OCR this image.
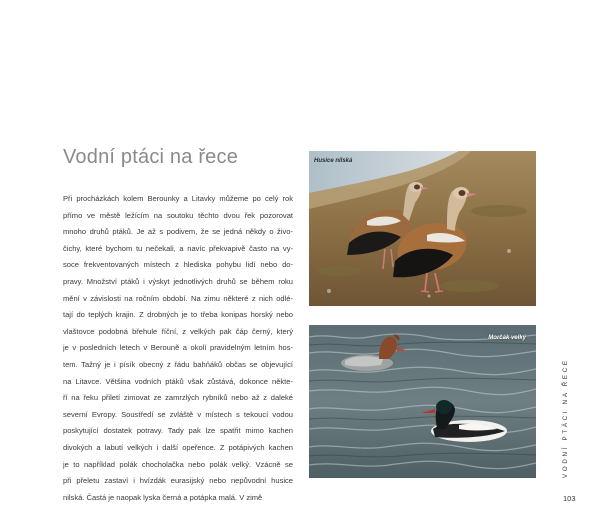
Vodní ptáci na řece
Při procházkách kolem Berounky a Litavky můžeme po celý rok
přímo ve městě ležícím na soutoku těchto dvou řek pozorovat
mnoho druhů ptáků. Je až s podivem, že se jedná někdy o živo-
čichy, které bychom tu nečekali, a navíc překvapivě často na vy-
soce frekventovaných místech z hlediska pohybu lidí nebo do-
pravy. Množství ptáků i výskyt jednotlivých druhů se během roku
mění v závislosti na ročním období. Na zimu některé z nich odlé-
tají do teplých krajin. Z drobných je to třeba konipas horský nebo
vlaštovce podobná břehule říční, z velkých pak čáp černý, který
je v posledních letech v Berouně a okolí pravidelným letním hos-
tem. Tažný je i písík obecný z řádu bahňáků občas se objevující
na Litavce. Většina vodních ptáků však zůstává, dokonce někte-
ří na řeku přiletí zimovat ze zamrzlých rybníků nebo až z daleké
severní Evropy. Soustředí se zvláště v místech s tekoucí vodou
poskytující dostatek potravy. Tady pak lze spatřit mimo kachen
divokých a labutí velkých i další opeřence. Z potápivých kachen
je to například polák chocholačka nebo polák velký. Vzácně se
při přeletu zastaví i hvízdák eurasijský nebo nepůvodní husice
nilská. Častá je naopak lyska černá a potápka malá. V zimě
Husice nilská
Morčák velký
VODNÍ PTÁCI NA ŘECE
103
